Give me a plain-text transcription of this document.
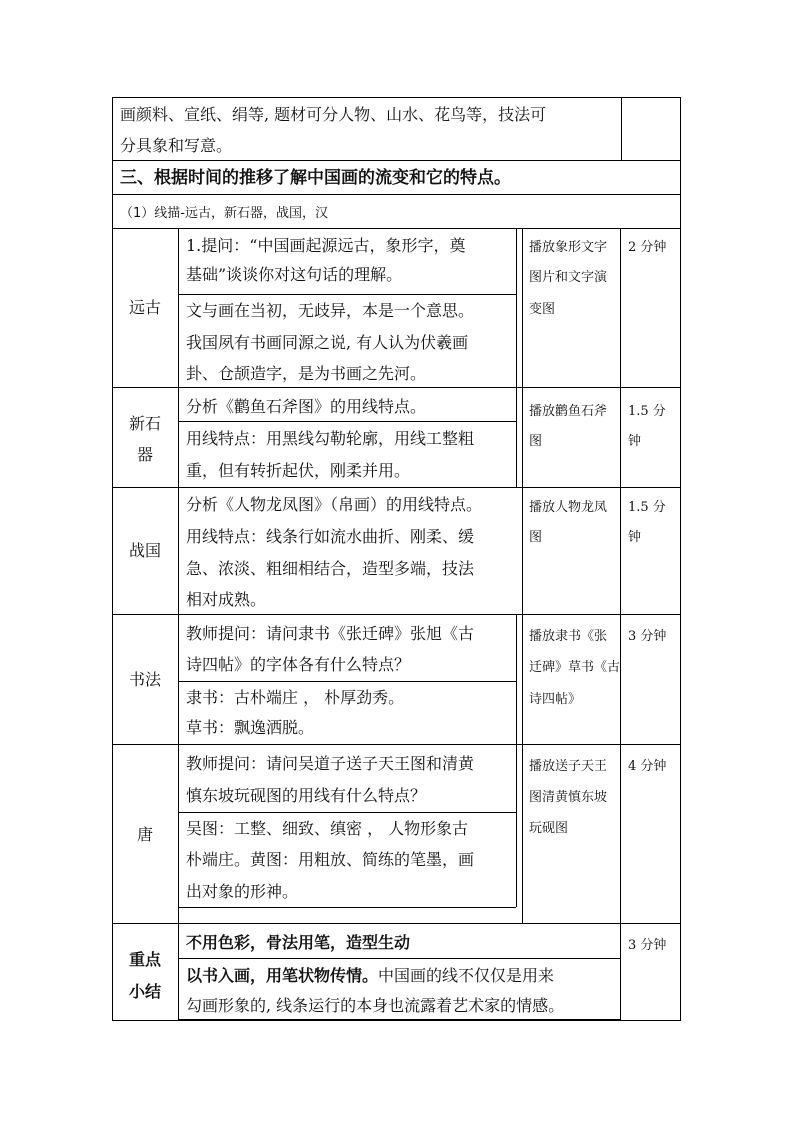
画颜料、宣纸、绢等, 题材可分人物、山水、花鸟等，技法可
分具象和写意。
三、根据时间的推移了解中国画的流变和它的特点。
（1）线描-远古，新石器，战国，汉
远古
1.提问：“中国画起源远古，象形字，奠
基础”谈谈你对这句话的理解。
文与画在当初，无歧异，本是一个意思。
我国夙有书画同源之说, 有人认为伏羲画
卦、仓颉造字，是为书画之先河。
播放象形文字
图片和文字演
变图
2 分钟
新石
器
分析《鹳鱼石斧图》的用线特点。
用线特点：用黑线勾勒轮廓，用线工整粗
重，但有转折起伏，刚柔并用。
播放鹳鱼石斧
图
1.5 分
钟
战国
分析《人物龙凤图》（帛画）的用线特点。
用线特点：线条行如流水曲折、刚柔、缓
急、浓淡、粗细相结合，造型多端，技法
相对成熟。
播放人物龙凤
图
1.5 分
钟
书法
教师提问：请问隶书《张迁碑》张旭《古
诗四帖》的字体各有什么特点？
隶书：古朴端庄 ， 朴厚劲秀。
草书：飘逸洒脱。
播放隶书《张
迁碑》草书《古
诗四帖》
3 分钟
唐
教师提问：请问吴道子送子天王图和清黄
慎东坡玩砚图的用线有什么特点？
吴图：工整、细致、缜密 ， 人物形象古
朴端庄。黄图：用粗放、简练的笔墨，画
出对象的形神。
播放送子天王
图清黄慎东坡
玩砚图
4 分钟
重点
小结
不用色彩，骨法用笔，造型生动
以书入画，用笔状物传情。中国画的线不仅仅是用来
勾画形象的, 线条运行的本身也流露着艺术家的情感。
3 分钟
